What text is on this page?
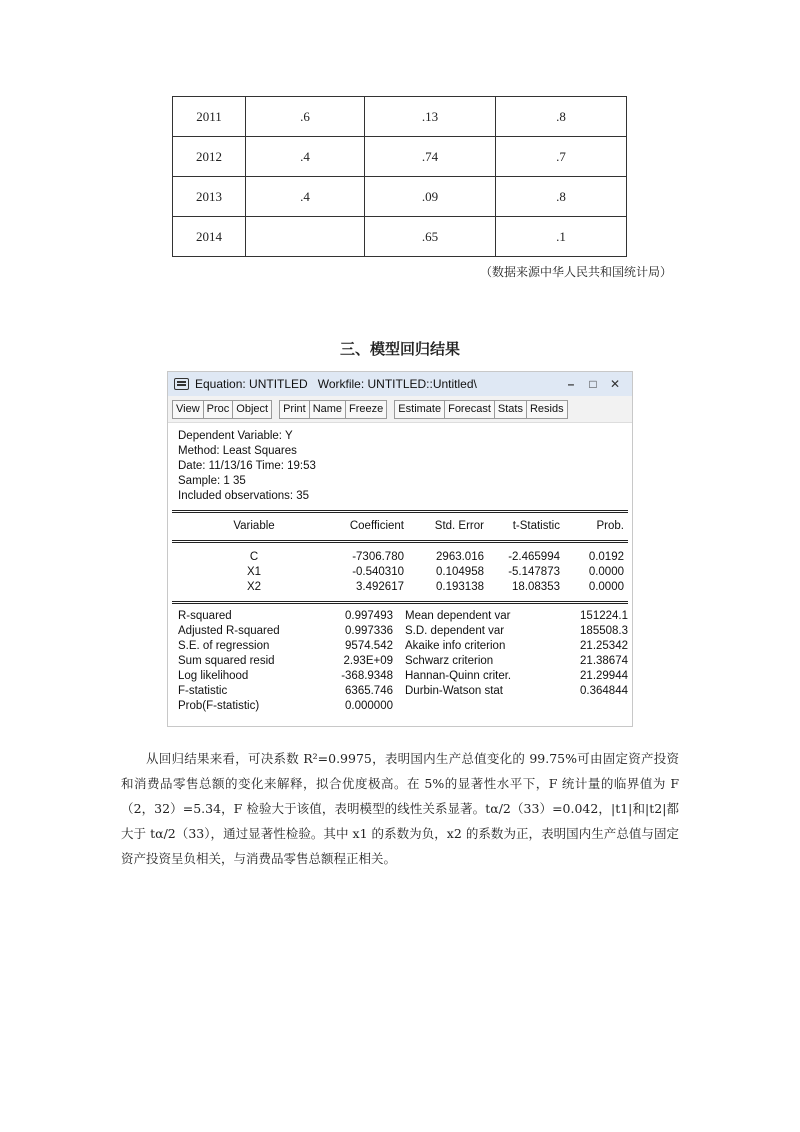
2011	.6	.13	.8
2012	.4	.74	.7
2013	.4	.09	.8
2014		.65	.1
（数据来源中华人民共和国统计局）
三、模型回归结果
Equation: UNTITLED   Workfile: UNTITLED::Untitled\	–	□	✕
View Proc Object	Print Name Freeze	Estimate Forecast Stats Resids
Dependent Variable: Y
Method: Least Squares
Date: 11/13/16 Time: 19:53
Sample: 1 35
Included observations: 35
Variable	Coefficient	Std. Error	t-Statistic	Prob.
C	-7306.780	2963.016	-2.465994	0.0192
X1	-0.540310	0.104958	-5.147873	0.0000
X2	3.492617	0.193138	18.08353	0.0000
R-squared	0.997493	Mean dependent var	151224.1
Adjusted R-squared	0.997336	S.D. dependent var	185508.3
S.E. of regression	9574.542	Akaike info criterion	21.25342
Sum squared resid	2.93E+09	Schwarz criterion	21.38674
Log likelihood	-368.9348	Hannan-Quinn criter.	21.29944
F-statistic	6365.746	Durbin-Watson stat	0.364844
Prob(F-statistic)	0.000000
从回归结果来看，可决系数 R²=0.9975，表明国内生产总值变化的 99.75%可由固定资产投资和消费品零售总额的变化来解释，拟合优度极高。在 5%的显著性水平下，F 统计量的临界值为 F（2，32）=5.34，F 检验大于该值，表明模型的线性关系显著。tα/2（33）=0.042，|t1|和|t2|都大于 tα/2（33），通过显著性检验。其中 x1 的系数为负，x2 的系数为正，表明国内生产总值与固定资产投资呈负相关，与消费品零售总额程正相关。
